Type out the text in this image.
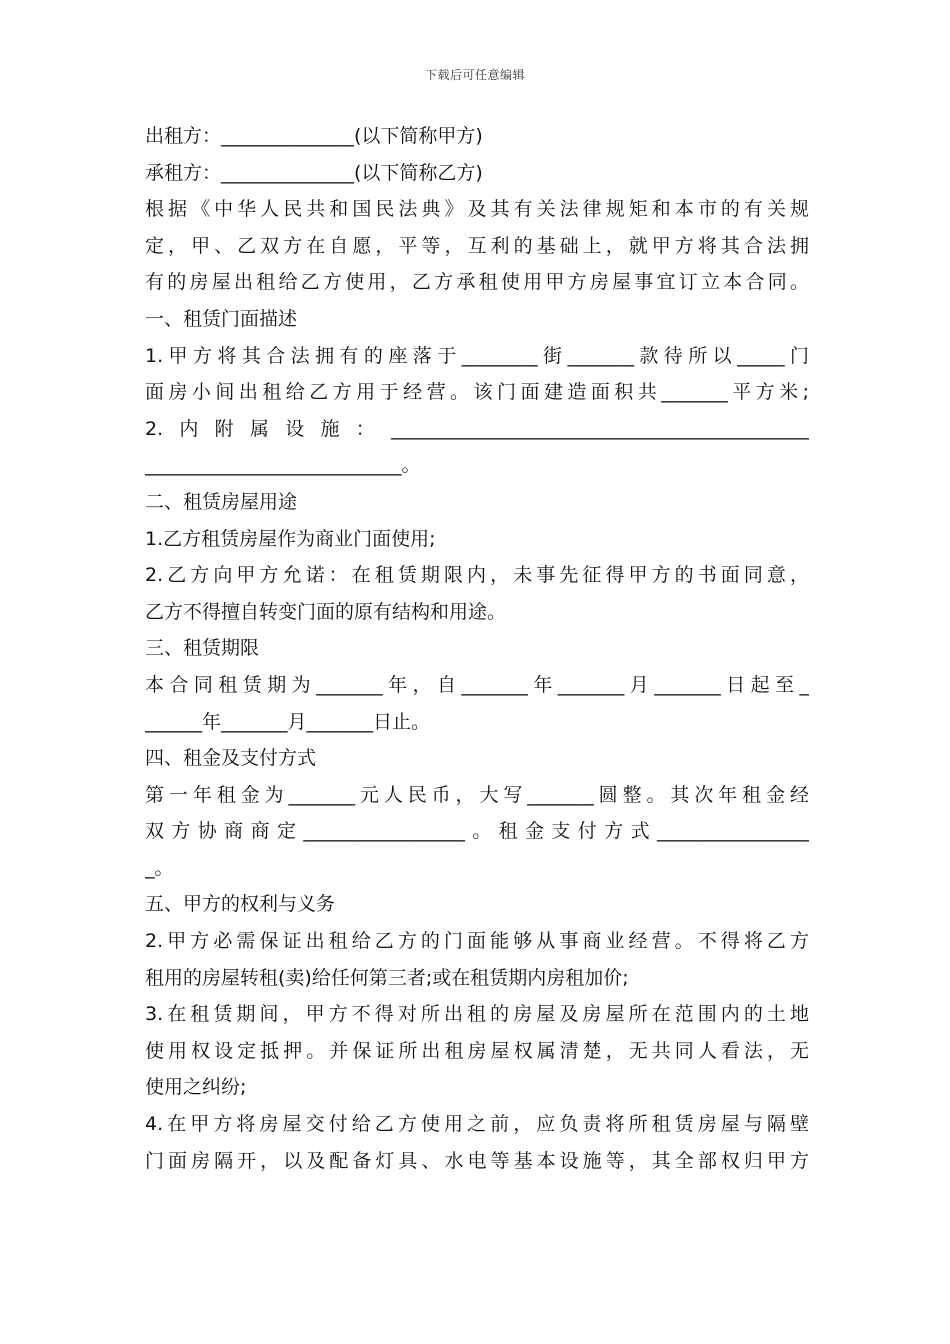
下载后可任意编辑
出租方：______________(以下简称甲方)
承租方：______________(以下简称乙方)
根据《中华人民共和国民法典》及其有关法律规矩和本市的有关规
定，甲、乙双方在自愿，平等，互利的基础上，就甲方将其合法拥
有的房屋出租给乙方使用，乙方承租使用甲方房屋事宜订立本合同。
一、租赁门面描述
1.甲方将其合法拥有的座落于________街_______款待所以_____门
面房小间出租给乙方用于经营。该门面建造面积共_______平方米;
2.内附属设施：____________________________________________
___________________________。
二、租赁房屋用途
1.乙方租赁房屋作为商业门面使用;
2.乙方向甲方允诺：在租赁期限内，未事先征得甲方的书面同意，
乙方不得擅自转变门面的原有结构和用途。
三、租赁期限
本合同租赁期为_______年，自_______年_______月_______日起至_
______年_______月_______日止。
四、租金及支付方式
第一年租金为_______元人民币，大写_______圆整。其次年租金经
双方协商商定_________________。租金支付方式________________
_。
五、甲方的权利与义务
2.甲方必需保证出租给乙方的门面能够从事商业经营。不得将乙方
租用的房屋转租(卖)给任何第三者;或在租赁期内房租加价;
3.在租赁期间，甲方不得对所出租的房屋及房屋所在范围内的土地
使用权设定抵押。并保证所出租房屋权属清楚，无共同人看法，无
使用之纠纷;
4.在甲方将房屋交付给乙方使用之前，应负责将所租赁房屋与隔壁
门面房隔开，以及配备灯具、水电等基本设施等，其全部权归甲方
